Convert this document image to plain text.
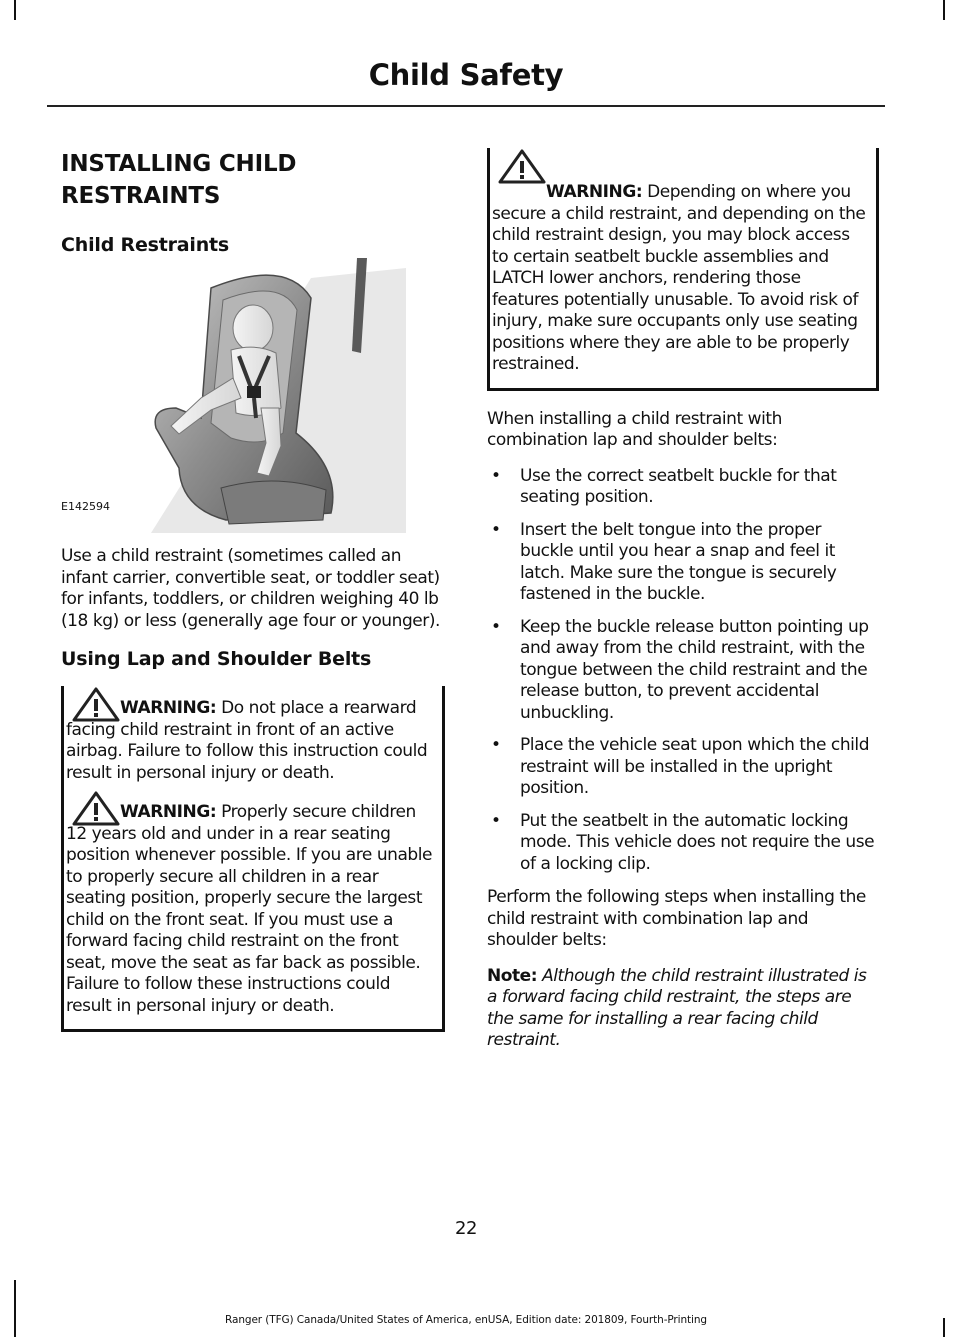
Child Safety
INSTALLING CHILD RESTRAINTS
Child Restraints
E142594

Use a child restraint (sometimes called an infant carrier, convertible seat, or toddler seat) for infants, toddlers, or children weighing 40 lb (18 kg) or less (generally age four or younger).

Using Lap and Shoulder Belts

WARNING: Do not place a rearward facing child restraint in front of an active airbag. Failure to follow this instruction could result in personal injury or death.

WARNING: Properly secure children 12 years old and under in a rear seating position whenever possible. If you are unable to properly secure all children in a rear seating position, properly secure the largest child on the front seat. If you must use a forward facing child restraint on the front seat, move the seat as far back as possible. Failure to follow these instructions could result in personal injury or death.

WARNING: Depending on where you secure a child restraint, and depending on the child restraint design, you may block access to certain seatbelt buckle assemblies and LATCH lower anchors, rendering those features potentially unusable. To avoid risk of injury, make sure occupants only use seating positions where they are able to be properly restrained.

When installing a child restraint with combination lap and shoulder belts:

• Use the correct seatbelt buckle for that seating position.
• Insert the belt tongue into the proper buckle until you hear a snap and feel it latch. Make sure the tongue is securely fastened in the buckle.
• Keep the buckle release button pointing up and away from the child restraint, with the tongue between the child restraint and the release button, to prevent accidental unbuckling.
• Place the vehicle seat upon which the child restraint will be installed in the upright position.
• Put the seatbelt in the automatic locking mode. This vehicle does not require the use of a locking clip.

Perform the following steps when installing the child restraint with combination lap and shoulder belts:

Note: Although the child restraint illustrated is a forward facing child restraint, the steps are the same for installing a rear facing child restraint.

22

Ranger (TFG) Canada/United States of America, enUSA, Edition date: 201809, Fourth-Printing
